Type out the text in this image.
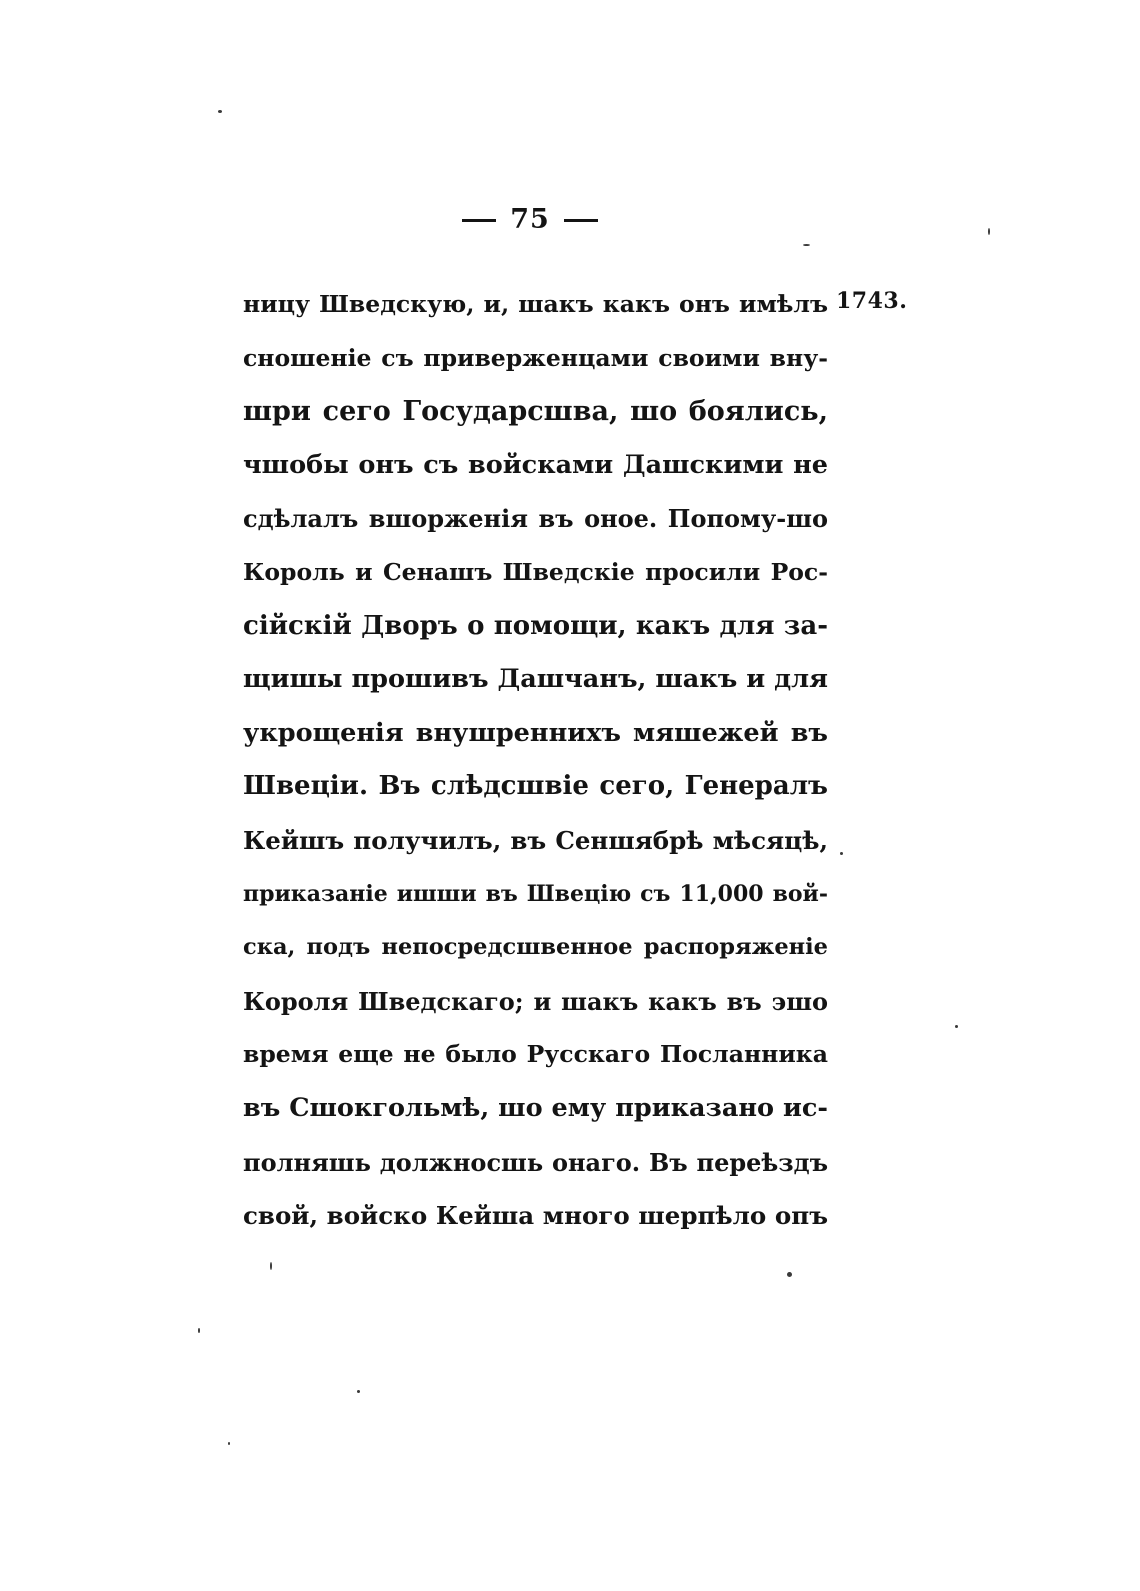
75
1743.
ницу Шведскую, и, шакъ какъ онъ имѣлъ
сношеніе съ приверженцами своими вну-
шри сего Государсшва, шо боялись,
чшобы онъ съ войсками Дашскими не
сдѣлалъ вшорженія въ оное. Попому-шо
Король и Сенашъ Шведскіе просили Рос-
сійскій Дворъ о помощи, какъ для за-
щишы прошивъ Дашчанъ, шакъ и для
укрощенія внушреннихъ мяшежей въ
Швеціи. Въ слѣдсшвіе сего, Генералъ
Кейшъ получилъ, въ Сеншябрѣ мѣсяцѣ,
приказаніе ишши въ Швецію съ 11,000 вой-
ска, подъ непосредсшвенное распоряженіе
Короля Шведскаго; и шакъ какъ въ эшо
время еще не было Русскаго Посланника
въ Сшокгольмѣ, шо ему приказано ис-
полняшь должносшь онаго. Въ переѣздъ
свой, войско Кейша много шерпѣло опъ
